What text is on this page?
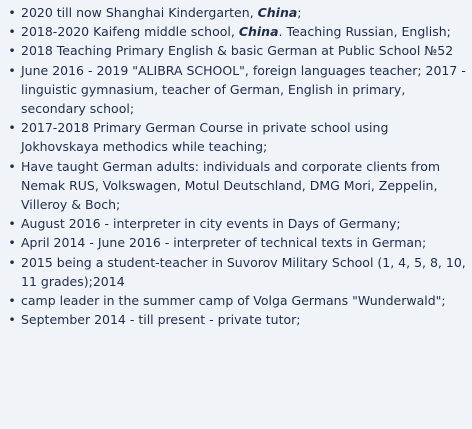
• 2020 till now Shanghai Kindergarten, China;
• 2018-2020 Kaifeng middle school, China. Teaching Russian, English;
• 2018 Teaching Primary English & basic German at Public School №52
• June 2016 - 2019 "ALIBRA SCHOOL", foreign languages teacher; 2017 - linguistic gymnasium, teacher of German, English in primary, secondary school;
• 2017-2018 Primary German Course in private school using Jokhovskaya methodics while teaching;
• Have taught German adults: individuals and corporate clients from Nemak RUS, Volkswagen, Motul Deutschland, DMG Mori, Zeppelin, Villeroy & Boch;
• August 2016 - interpreter in city events in Days of Germany;
• April 2014 - June 2016 - interpreter of technical texts in German;
• 2015 being a student-teacher in Suvorov Military School (1, 4, 5, 8, 10, 11 grades);2014
• camp leader in the summer camp of Volga Germans "Wunderwald";
• September 2014 - till present - private tutor;
